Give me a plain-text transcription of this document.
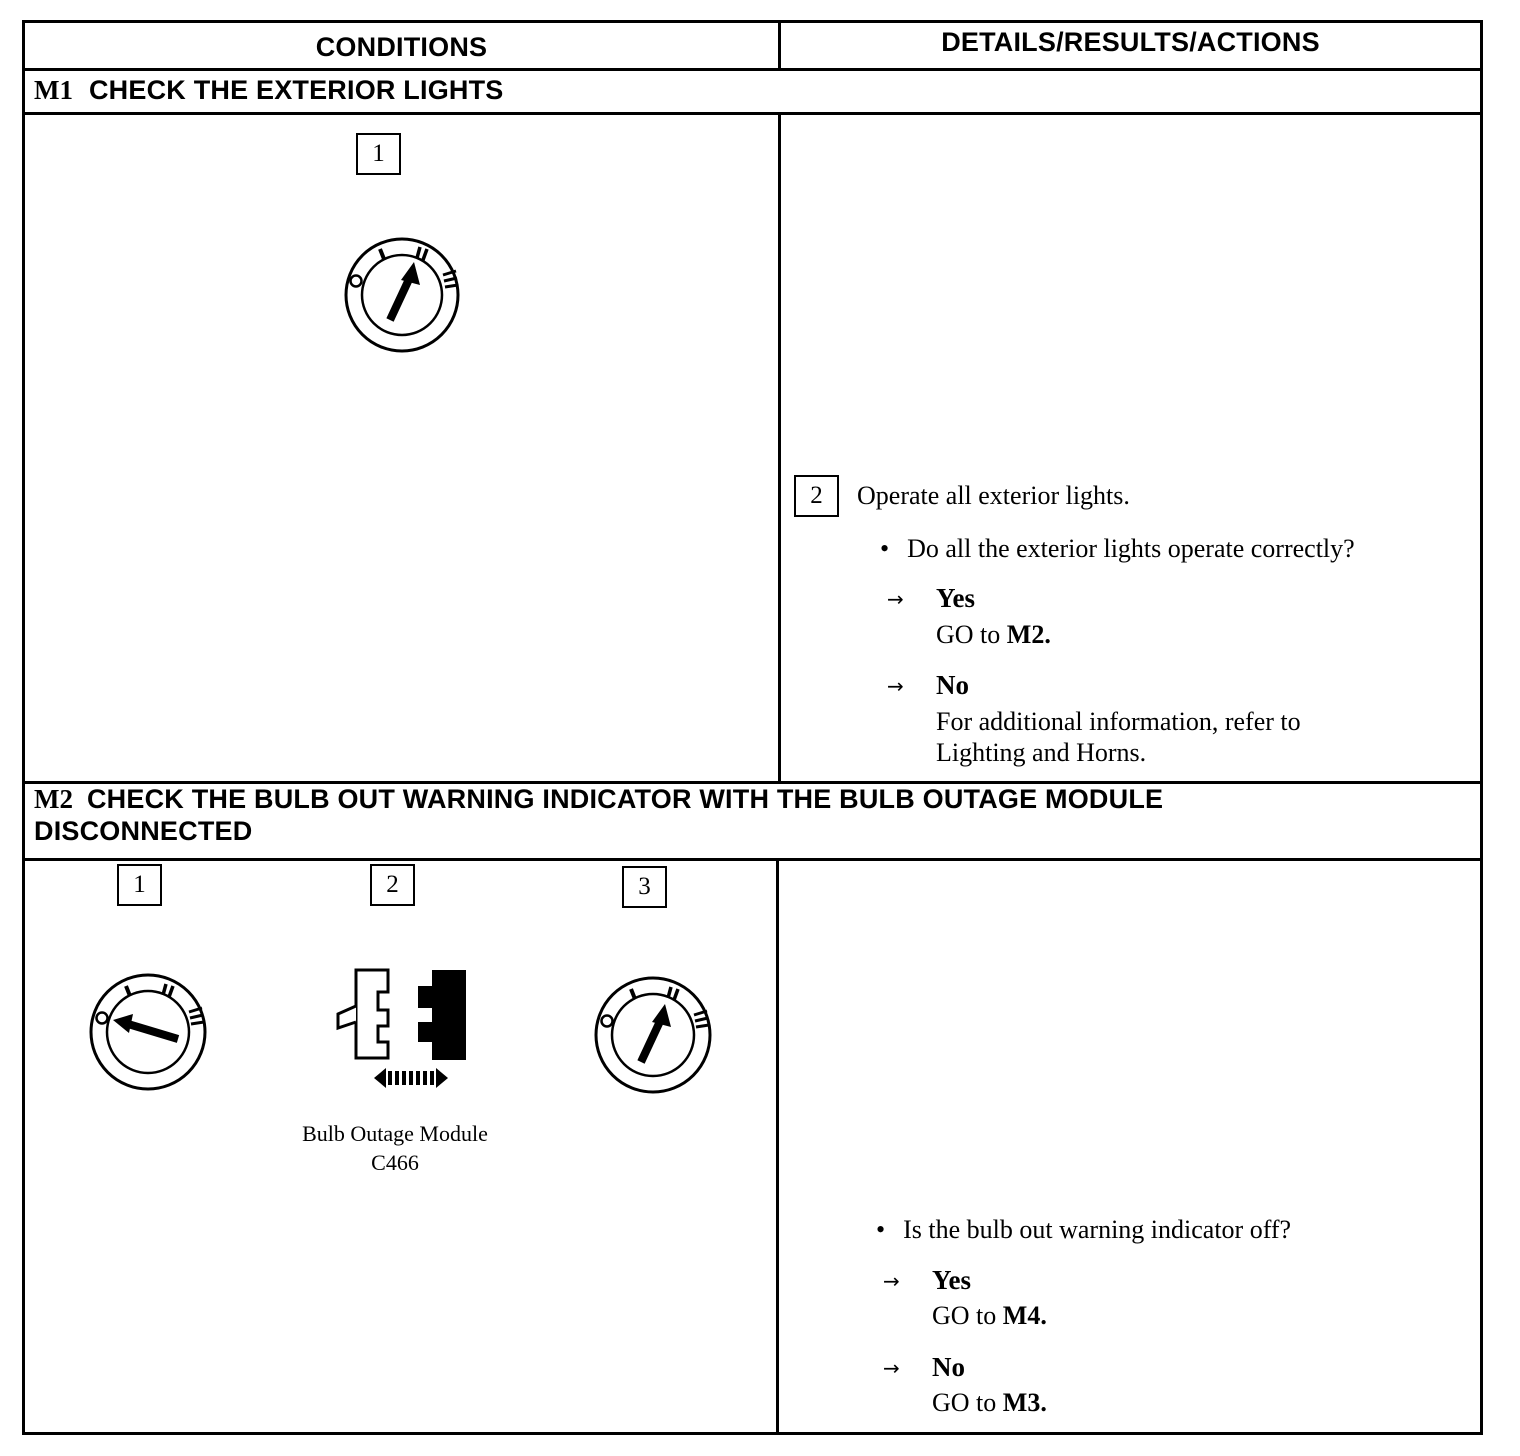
CONDITIONS	DETAILS/RESULTS/ACTIONS
M1 CHECK THE EXTERIOR LIGHTS
1
2	Operate all exterior lights.
• Do all the exterior lights operate correctly?
→ Yes
GO to M2.
→ No
For additional information, refer to
Lighting and Horns.
M2 CHECK THE BULB OUT WARNING INDICATOR WITH THE BULB OUTAGE MODULE
DISCONNECTED
1	2	3
Bulb Outage Module
C466
• Is the bulb out warning indicator off?
→ Yes
GO to M4.
→ No
GO to M3.
